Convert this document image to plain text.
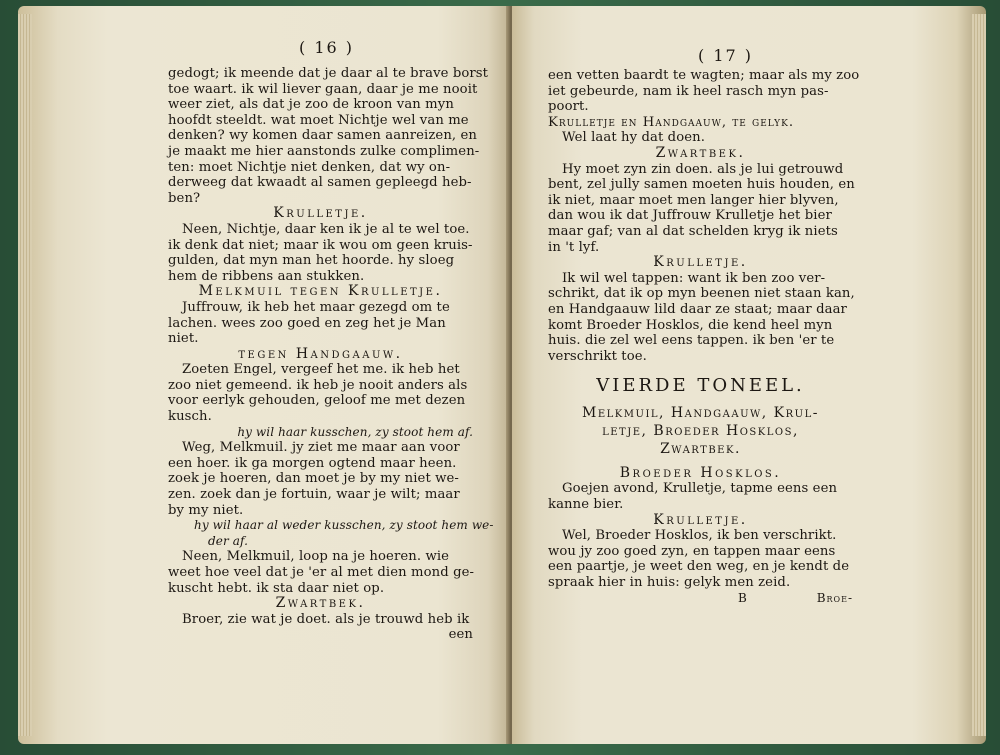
( 16 )
gedogt; ik meende dat je daar al te brave borst
toe waart. ik wil liever gaan, daar je me nooit
weer ziet, als dat je zoo de kroon van myn
hoofdt steeldt. wat moet Nichtje wel van me
denken? wy komen daar samen aanreizen, en
je maakt me hier aanstonds zulke complimen-
ten: moet Nichtje niet denken, dat wy on-
derweeg dat kwaadt al samen gepleegd heb-
ben?
Krulletje.
Neen, Nichtje, daar ken ik je al te wel toe.
ik denk dat niet; maar ik wou om geen kruis-
gulden, dat myn man het hoorde. hy sloeg
hem de ribbens aan stukken.
Melkmuil tegen Krulletje.
Juffrouw, ik heb het maar gezegd om te
lachen. wees zoo goed en zeg het je Man
niet.
tegen Handgaauw.
Zoeten Engel, vergeef het me. ik heb het
zoo niet gemeend. ik heb je nooit anders als
voor eerlyk gehouden, geloof me met dezen
kusch.
hy wil haar kusschen, zy stoot hem af.
Weg, Melkmuil. jy ziet me maar aan voor
een hoer. ik ga morgen ogtend maar heen.
zoek je hoeren, dan moet je by my niet we-
zen. zoek dan je fortuin, waar je wilt; maar
by my niet.
hy wil haar al weder kusschen, zy stoot hem we-
der af.
Neen, Melkmuil, loop na je hoeren. wie
weet hoe veel dat je 'er al met dien mond ge-
kuscht hebt. ik sta daar niet op.
Zwartbek.
Broer, zie wat je doet. als je trouwd heb ik
een
( 17 )
een vetten baardt te wagten; maar als my zoo
iet gebeurde, nam ik heel rasch myn pas-
poort.
Krulletje en Handgaauw, te gelyk.
Wel laat hy dat doen.
Zwartbek.
Hy moet zyn zin doen. als je lui getrouwd
bent, zel jully samen moeten huis houden, en
ik niet, maar moet men langer hier blyven,
dan wou ik dat Juffrouw Krulletje het bier
maar gaf; van al dat schelden kryg ik niets
in 't lyf.
Krulletje.
Ik wil wel tappen: want ik ben zoo ver-
schrikt, dat ik op myn beenen niet staan kan,
en Handgaauw lild daar ze staat; maar daar
komt Broeder Hosklos, die kend heel myn
huis. die zel wel eens tappen. ik ben 'er te
verschrikt toe.
VIERDE TONEEL.
Melkmuil, Handgaauw, Krul-
letje, Broeder Hosklos,
Zwartbek.
Broeder Hosklos.
Goejen avond, Krulletje, tapme eens een
kanne bier.
Krulletje.
Wel, Broeder Hosklos, ik ben verschrikt.
wou jy zoo goed zyn, en tappen maar eens
een paartje, je weet den weg, en je kendt de
spraak hier in huis: gelyk men zeid.
B	Broe-
